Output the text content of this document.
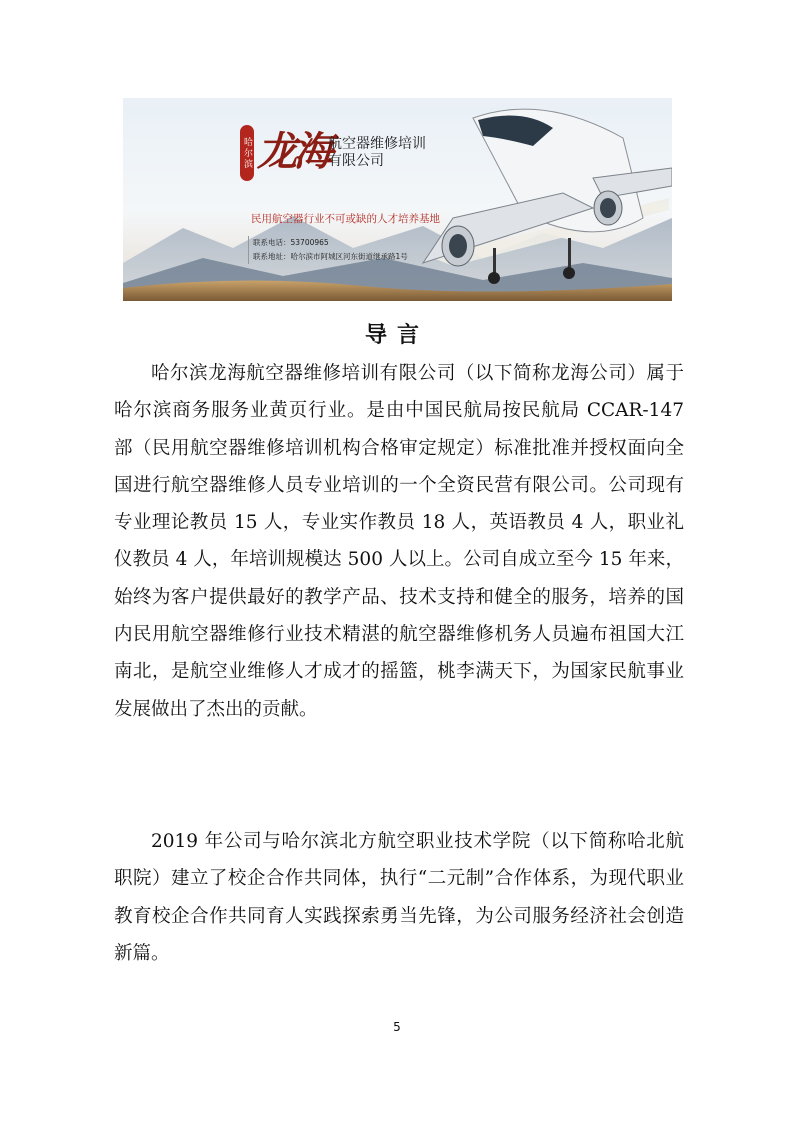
哈尔滨 龙海 航空器维修培训
有限公司
民用航空器行业不可或缺的人才培养基地
联系电话：53700965
联系地址：哈尔滨市阿城区河东街道继承路1号
导言

哈尔滨龙海航空器维修培训有限公司（以下简称龙海公司）属于哈尔滨商务服务业黄页行业。是由中国民航局按民航局 CCAR-147 部（民用航空器维修培训机构合格审定规定）标准批准并授权面向全国进行航空器维修人员专业培训的一个全资民营有限公司。公司现有专业理论教员 15 人，专业实作教员 18 人，英语教员 4 人，职业礼仪教员 4 人，年培训规模达 500 人以上。公司自成立至今 15 年来，始终为客户提供最好的教学产品、技术支持和健全的服务，培养的国内民用航空器维修行业技术精湛的航空器维修机务人员遍布祖国大江南北，是航空业维修人才成才的摇篮，桃李满天下，为国家民航事业发展做出了杰出的贡献。

2019 年公司与哈尔滨北方航空职业技术学院（以下简称哈北航职院）建立了校企合作共同体，执行“二元制”合作体系，为现代职业教育校企合作共同育人实践探索勇当先锋，为公司服务经济社会创造新篇。

5
